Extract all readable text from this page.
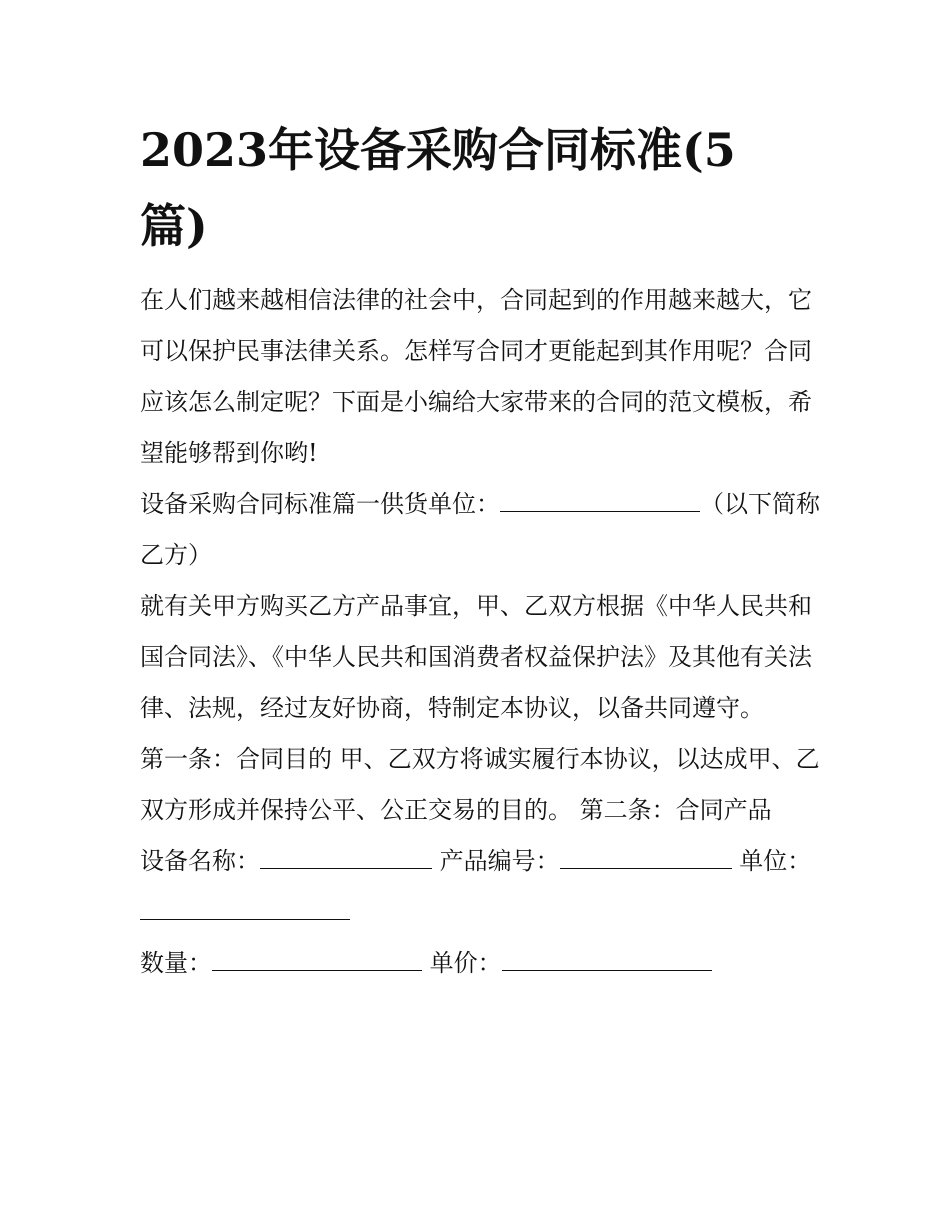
2023年设备采购合同标准(5篇)

在人们越来越相信法律的社会中，合同起到的作用越来越大，它可以保护民事法律关系。怎样写合同才更能起到其作用呢？合同应该怎么制定呢？下面是小编给大家带来的合同的范文模板，希望能够帮到你哟!

设备采购合同标准篇一供货单位：	（以下简称乙方）

就有关甲方购买乙方产品事宜，甲、乙双方根据《中华人民共和国合同法》、《中华人民共和国消费者权益保护法》及其他有关法律、法规，经过友好协商，特制定本协议，以备共同遵守。

第一条：合同目的 甲、乙双方将诚实履行本协议，以达成甲、乙双方形成并保持公平、公正交易的目的。 第二条：合同产品

设备名称：	产品编号：	单位：

数量：	单价：
